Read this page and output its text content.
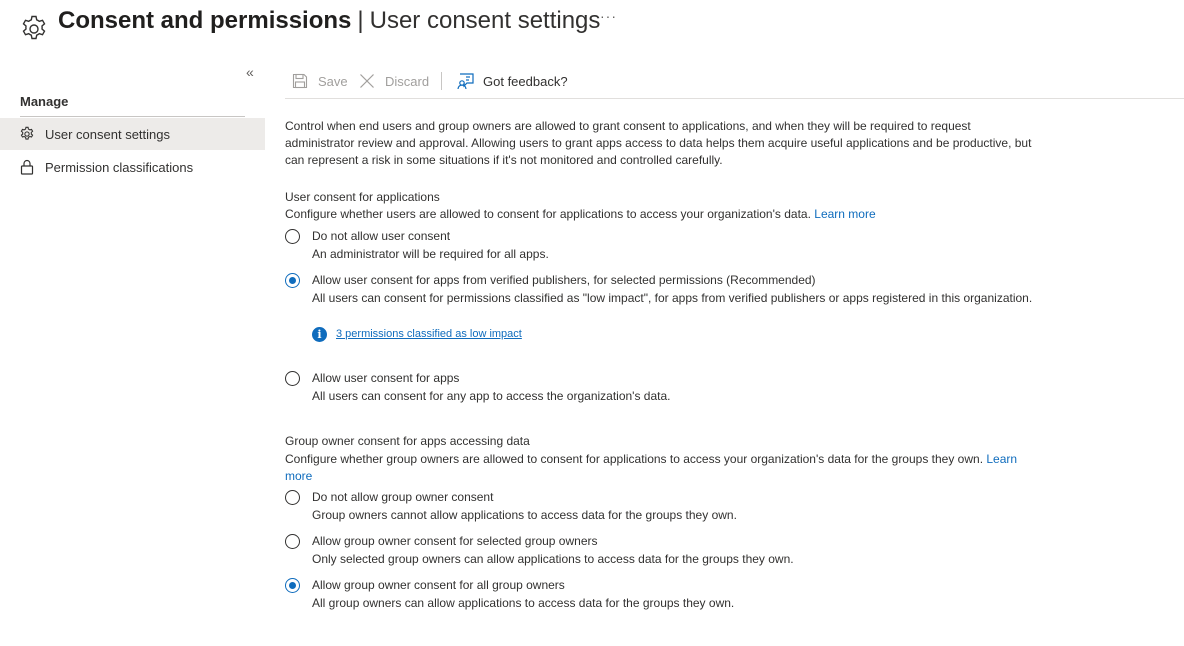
Consent and permissions | User consent settings ···
«
Manage
User consent settings
Permission classifications
Save	Discard	Got feedback?
Control when end users and group owners are allowed to grant consent to applications, and when they will be required to request
administrator review and approval. Allowing users to grant apps access to data helps them acquire useful applications and be productive, but
can represent a risk in some situations if it's not monitored and controlled carefully.
User consent for applications
Configure whether users are allowed to consent for applications to access your organization's data. Learn more
Do not allow user consent
An administrator will be required for all apps.
Allow user consent for apps from verified publishers, for selected permissions (Recommended)
All users can consent for permissions classified as "low impact", for apps from verified publishers or apps registered in this organization.
i	3 permissions classified as low impact
Allow user consent for apps
All users can consent for any app to access the organization's data.
Group owner consent for apps accessing data
Configure whether group owners are allowed to consent for applications to access your organization's data for the groups they own. Learn
more
Do not allow group owner consent
Group owners cannot allow applications to access data for the groups they own.
Allow group owner consent for selected group owners
Only selected group owners can allow applications to access data for the groups they own.
Allow group owner consent for all group owners
All group owners can allow applications to access data for the groups they own.
